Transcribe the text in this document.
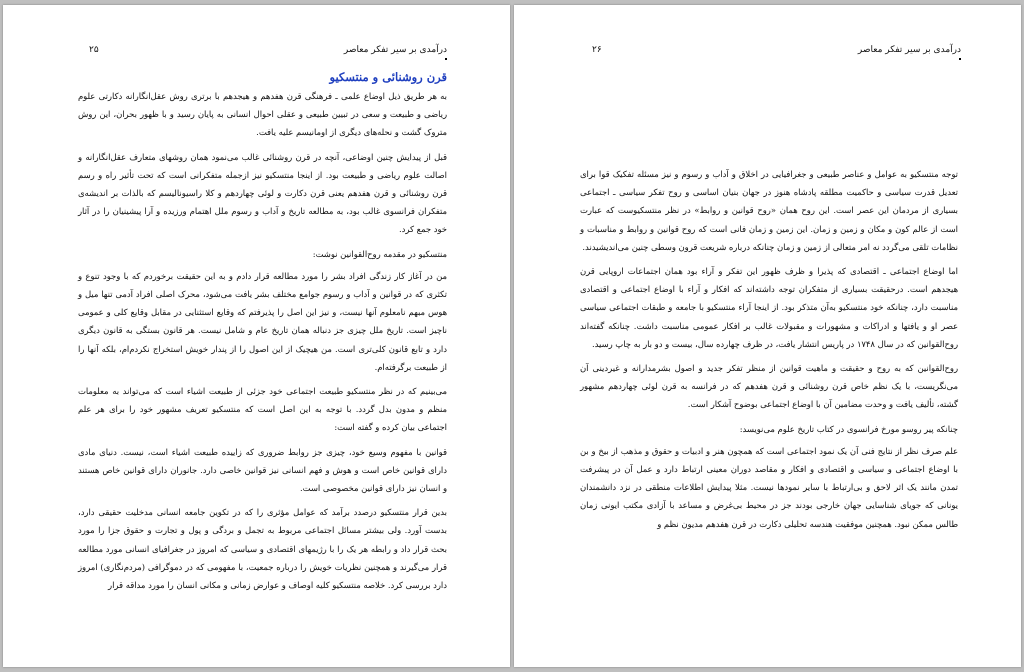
درآمدی بر سیر تفکر معاصر
۲۵
قرن روشنائی و منتسکیو

به هر طریق ذیل اوضاع علمی ـ فرهنگی قرن هفدهم و هیجدهم با برتری روش عقل‌انگارانه دکارتی علوم ریاضی و طبیعت و سعی در تبیین طبیعی و عقلی احوال انسانی به پایان رسید و با ظهور بحران، این روش متروک گشت و نحله‌های دیگری از اومانیسم علیه یافت.

قبل از پیدایش چنین اوضاعی، آنچه در قرن روشنائی غالب می‌نمود همان روشهای متعارف عقل‌انگارانه و اصالت علوم ریاضی و طبیعت بود. از اینجا منتسکیو نیز ازجمله متفکرانی است که تحت تأثیر راه و رسم قرن روشنائی و قرن هفدهم یعنی قرن دکارت و لوئی چهاردهم و کلا راسیونالیسم که بالذات بر اندیشه‌ی متفکران فرانسوی غالب بود، به مطالعه تاریخ و آداب و رسوم ملل اهتمام ورزیده و آرا پیشینیان را در آثار خود جمع کرد.

منتسکیو در مقدمه روح‌القوانین نوشت:

من در آغاز کار زندگی افراد بشر را مورد مطالعه قرار دادم و به این حقیقت برخوردم که با وجود تنوع و تکثری که در قوانین و آداب و رسوم جوامع مختلف بشر یافت می‌شود، محرک اصلی افراد آدمی تنها میل و هوس مبهم نامعلوم آنها نیست، و نیز این اصل را پذیرفتم که وقایع استثنایی در مقابل وقایع کلی و عمومی ناچیز است. تاریخ ملل چیزی جز دنباله همان تاریخ عام و شامل نیست. هر قانون بستگی به قانون دیگری دارد و تابع قانون کلی‌تری است. من هیچیک از این اصول را از پندار خویش استخراج نکردم‌ام، بلکه آنها را از طبیعت برگرفته‌ام.

می‌بینیم که در نظر منتسکیو طبیعت اجتماعی خود جزئی از طبیعت اشیاء است که می‌تواند به معلومات منظم و مدون بدل گردد. با توجه به این اصل است که منتسکیو تعریف مشهور خود را برای هر علم اجتماعی بیان کرده و گفته است:

قوانین با مفهوم وسیع خود، چیزی جز روابط ضروری که زاییده طبیعت اشیاء است، نیست. دنیای مادی دارای قوانین خاص است و هوش و فهم انسانی نیز قوانین خاصی دارد. جانوران دارای قوانین خاص هستند و انسان نیز دارای قوانین مخصوصی است.

بدین قرار منتسکیو درصدد برآمد که عوامل مؤثری را که در تکوین جامعه انسانی مدخلیت حقیقی دارد، بدست آورد. ولی بیشتر مسائل اجتماعی مربوط به تجمل و بردگی و پول و تجارت و حقوق جزا را مورد بحث قرار داد و رابطه هر یک را با رژیمهای اقتصادی و سیاسی که امروز در جغرافیای انسانی مورد مطالعه قرار می‌گیرند و همچنین نظریات خویش را درباره جمعیت، با مفهومی که در دموگرافی (مردم‌نگاری) امروز دارد بررسی کرد. خلاصه منتسکیو کلیه اوصاف و عوارض زمانی و مکانی انسان را مورد مداقه قرار

درآمدی بر سیر تفکر معاصر
۲۶

توجه منتسکیو به عوامل و عناصر طبیعی و جغرافیایی در اخلاق و آداب و رسوم و نیز مسئله تفکیک قوا برای تعدیل قدرت سیاسی و حاکمیت مطلقه پادشاه هنوز در جهان بنیان اساسی و روح تفکر سیاسی ـ اجتماعی بسیاری از مردمان این عصر است. این روح همان «روح قوانین و روابط» در نظر منتسکیوست که عبارت است از عالم کون و مکان و زمین و زمان. این زمین و زمان فانی است که روح قوانین و روابط و مناسبات و نظامات تلقی می‌گردد نه امر متعالی از زمین و زمان چنانکه درباره شریعت قرون وسطی چنین می‌اندیشیدند.

اما اوضاع اجتماعی ـ اقتصادی که پذیرا و ظرف ظهور این تفکر و آراء بود همان اجتماعات اروپایی قرن هیجدهم است. درحقیقت بسیاری از متفکران توجه داشته‌اند که افکار و آراء با اوضاع اجتماعی و اقتصادی مناسبت دارد، چنانکه خود منتسکیو به‌آن متذکر بود. از اینجا آراء منتسکیو با جامعه و طبقات اجتماعی سیاسی عصر او و یافتها و ادراکات و مشهورات و مقبولات غالب بر افکار عمومی مناسبت داشت. چنانکه گفته‌اند روح‌القوانین که در سال ۱۷۴۸ در پاریس انتشار یافت، در ظرف چهارده سال، بیست و دو بار به چاپ رسید.

روح‌القوانین که به روح و حقیقت و ماهیت قوانین از منظر تفکر جدید و اصول بشرمدارانه و غیردینی آن می‌نگریست، با یک نظم خاص قرن روشنائی و قرن هفدهم که در فرانسه به قرن لوئی چهاردهم مشهور گشته، تألیف یافت و وحدت مضامین آن با اوضاع اجتماعی بوضوح آشکار است.

چنانکه پیر روسو مورخ فرانسوی در کتاب تاریخ علوم می‌نویسد:

علم صرف نظر از نتایج فنی آن یک نمود اجتماعی است که همچون هنر و ادبیات و حقوق و مذهب از بیخ و بن با اوضاع اجتماعی و سیاسی و اقتصادی و افکار و مقاصد دوران معینی ارتباط دارد و عمل آن در پیشرفت تمدن مانند یک اثر لاحق و بی‌ارتباط با سایر نمودها نیست. مثلا پیدایش اطلاعات منطقی در نزد دانشمندان یونانی که جویای شناسایی جهان خارجی بودند جز در محیط بی‌غرض و مساعد با آزادی مکتب ایونی زمان طالس ممکن نبود. همچنین موفقیت هندسه تحلیلی دکارت در قرن هفدهم مدیون نظم و
